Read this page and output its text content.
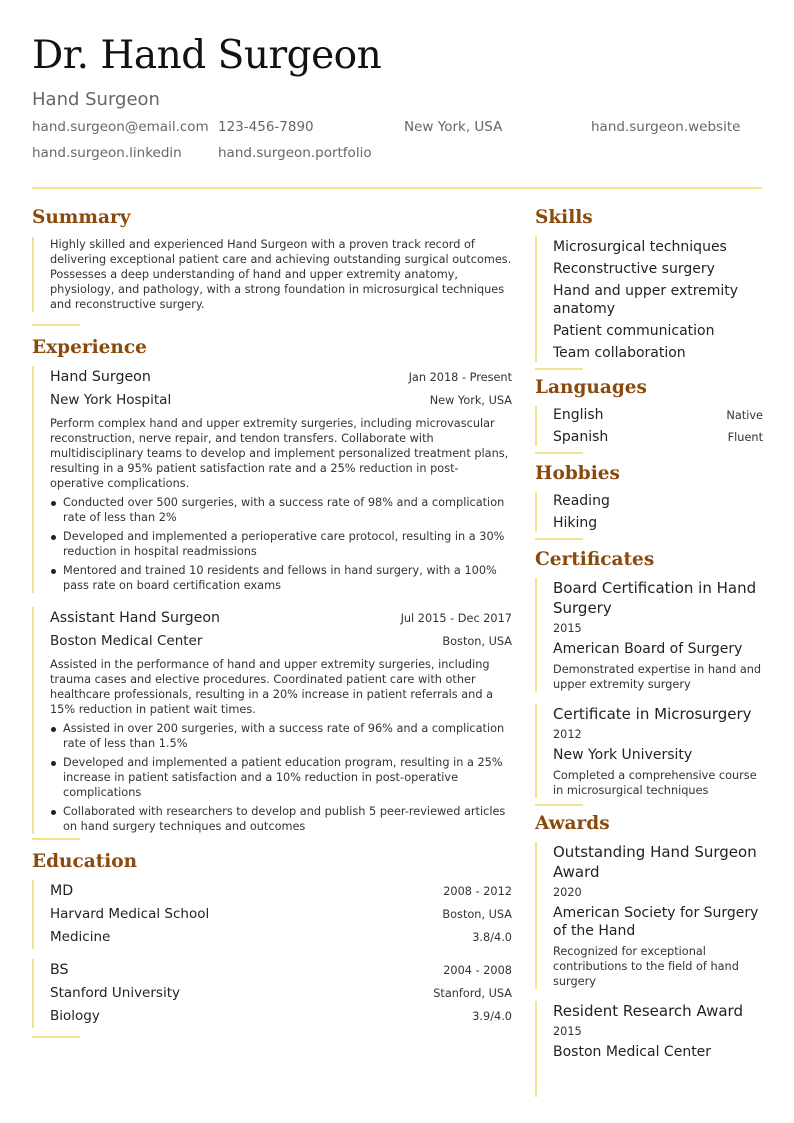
Dr. Hand Surgeon
Hand Surgeon
hand.surgeon@email.com 123-456-7890	New York, USA	hand.surgeon.website
hand.surgeon.linkedin	hand.surgeon.portfolio
Summary

Highly skilled and experienced Hand Surgeon with a proven track record of delivering exceptional patient care and achieving outstanding surgical outcomes. Possesses a deep understanding of hand and upper extremity anatomy, physiology, and pathology, with a strong foundation in microsurgical techniques and reconstructive surgery.

Experience
Hand Surgeon	Jan 2018 - Present
New York Hospital	New York, USA

Perform complex hand and upper extremity surgeries, including microvascular reconstruction, nerve repair, and tendon transfers. Collaborate with multidisciplinary teams to develop and implement personalized treatment plans, resulting in a 95% patient satisfaction rate and a 25% reduction in post-operative complications.

Conducted over 500 surgeries, with a success rate of 98% and a complication rate of less than 2%
Developed and implemented a perioperative care protocol, resulting in a 30% reduction in hospital readmissions
Mentored and trained 10 residents and fellows in hand surgery, with a 100% pass rate on board certification exams
Assistant Hand Surgeon	Jul 2015 - Dec 2017
Boston Medical Center	Boston, USA

Assisted in the performance of hand and upper extremity surgeries, including trauma cases and elective procedures. Coordinated patient care with other healthcare professionals, resulting in a 20% increase in patient referrals and a 15% reduction in patient wait times.

Assisted in over 200 surgeries, with a success rate of 96% and a complication rate of less than 1.5%
Developed and implemented a patient education program, resulting in a 25% increase in patient satisfaction and a 10% reduction in post-operative complications
Collaborated with researchers to develop and publish 5 peer-reviewed articles on hand surgery techniques and outcomes
Education
MD	2008 - 2012
Harvard Medical School	Boston, USA
Medicine	3.8/4.0
BS	2004 - 2008
Stanford University	Stanford, USA
Biology	3.9/4.0
Skills
Microsurgical techniques
Reconstructive surgery
Hand and upper extremity anatomy
Patient communication
Team collaboration
Languages
English	Native
Spanish	Fluent
Hobbies
Reading
Hiking
Certificates
Board Certification in Hand Surgery
2015
American Board of Surgery
Demonstrated expertise in hand and upper extremity surgery
Certificate in Microsurgery
2012
New York University
Completed a comprehensive course in microsurgical techniques
Awards
Outstanding Hand Surgeon Award
2020
American Society for Surgery of the Hand
Recognized for exceptional contributions to the field of hand surgery
Resident Research Award
2015
Boston Medical Center
